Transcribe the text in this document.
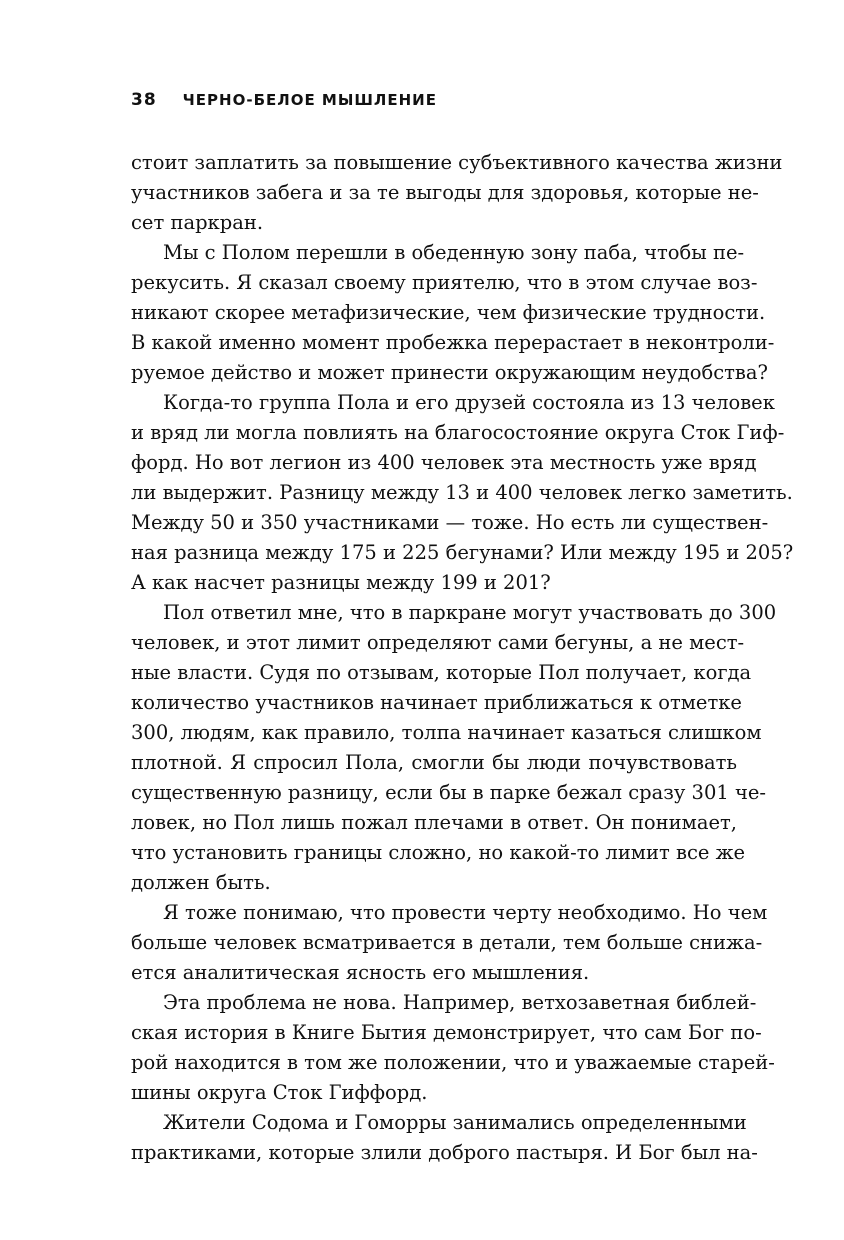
38 ЧЕРНО-БЕЛОЕ МЫШЛЕНИЕ
стоит заплатить за повышение субъективного качества жизни
участников забега и за те выгоды для здоровья, которые не-
сет паркран.
Мы с Полом перешли в обеденную зону паба, чтобы пе-
рекусить. Я сказал своему приятелю, что в этом случае воз-
никают скорее метафизические, чем физические трудности.
В какой именно момент пробежка перерастает в неконтроли-
руемое действо и может принести окружающим неудобства?
Когда-то группа Пола и его друзей состояла из 13 человек
и вряд ли могла повлиять на благосостояние округа Сток Гиф-
форд. Но вот легион из 400 человек эта местность уже вряд
ли выдержит. Разницу между 13 и 400 человек легко заметить.
Между 50 и 350 участниками — тоже. Но есть ли существен-
ная разница между 175 и 225 бегунами? Или между 195 и 205?
А как насчет разницы между 199 и 201?
Пол ответил мне, что в паркране могут участвовать до 300
человек, и этот лимит определяют сами бегуны, а не мест-
ные власти. Судя по отзывам, которые Пол получает, когда
количество участников начинает приближаться к отметке
300, людям, как правило, толпа начинает казаться слишком
плотной. Я спросил Пола, смогли бы люди почувствовать
существенную разницу, если бы в парке бежал сразу 301 че-
ловек, но Пол лишь пожал плечами в ответ. Он понимает,
что установить границы сложно, но какой-то лимит все же
должен быть.
Я тоже понимаю, что провести черту необходимо. Но чем
больше человек всматривается в детали, тем больше снижа-
ется аналитическая ясность его мышления.
Эта проблема не нова. Например, ветхозаветная библей-
ская история в Книге Бытия демонстрирует, что сам Бог по-
рой находится в том же положении, что и уважаемые старей-
шины округа Сток Гиффорд.
Жители Содома и Гоморры занимались определенными
практиками, которые злили доброго пастыря. И Бог был на-
